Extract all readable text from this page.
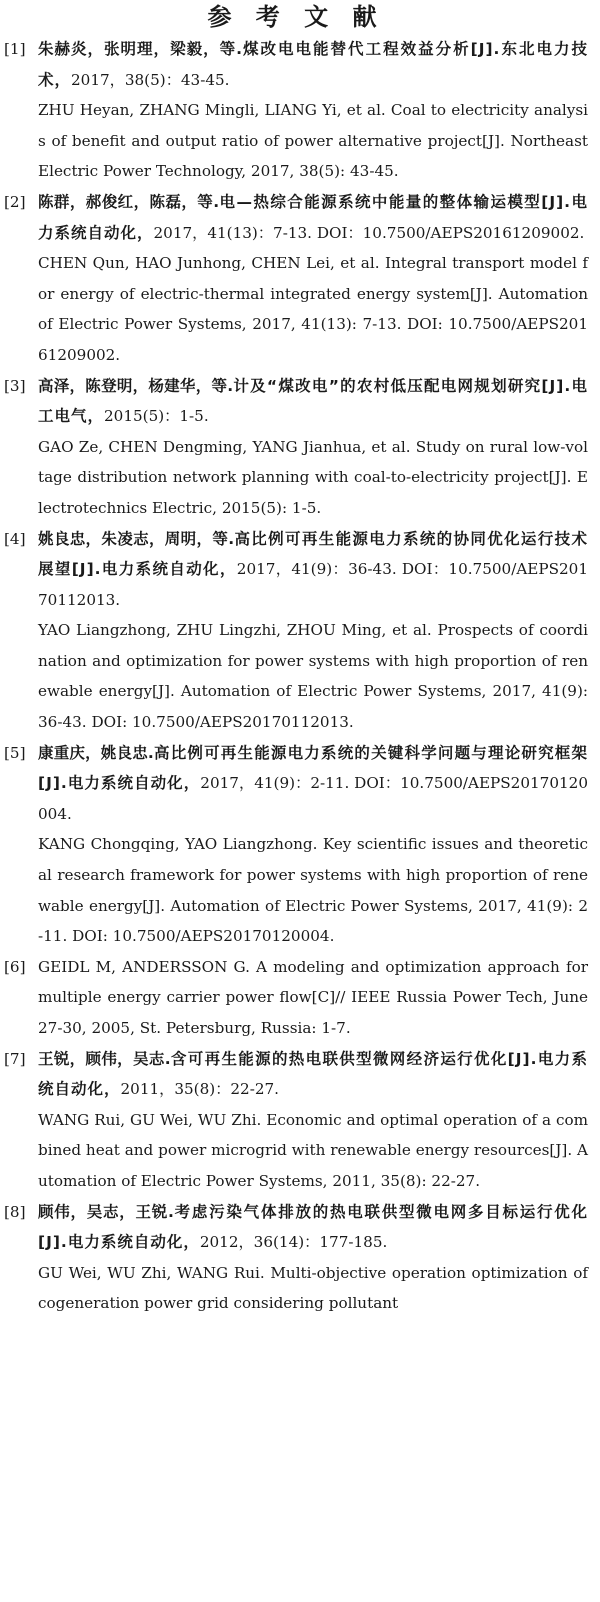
参 考 文 献
[1] 朱赫炎，张明理，梁毅，等.煤改电电能替代工程效益分析[J].东北电力技术，2017，38(5)：43-45.

ZHU Heyan, ZHANG Mingli, LIANG Yi, et al. Coal to electricity analysis of benefit and output ratio of power alternative project[J]. Northeast Electric Power Technology, 2017, 38(5): 43-45.

[2] 陈群，郝俊红，陈磊，等.电—热综合能源系统中能量的整体输运模型[J].电力系统自动化，2017，41(13)：7-13. DOI：10.7500/AEPS20161209002.

CHEN Qun, HAO Junhong, CHEN Lei, et al. Integral transport model for energy of electric-thermal integrated energy system[J]. Automation of Electric Power Systems, 2017, 41(13): 7-13. DOI: 10.7500/AEPS20161209002.

[3] 高泽，陈登明，杨建华，等.计及“煤改电”的农村低压配电网规划研究[J].电工电气，2015(5)：1-5.

GAO Ze, CHEN Dengming, YANG Jianhua, et al. Study on rural low-voltage distribution network planning with coal-to-electricity project[J]. Electrotechnics Electric, 2015(5): 1-5.

[4] 姚良忠，朱凌志，周明，等.高比例可再生能源电力系统的协同优化运行技术展望[J].电力系统自动化，2017，41(9)：36-43. DOI：10.7500/AEPS20170112013.

YAO Liangzhong, ZHU Lingzhi, ZHOU Ming, et al. Prospects of coordination and optimization for power systems with high proportion of renewable energy[J]. Automation of Electric Power Systems, 2017, 41(9): 36-43. DOI: 10.7500/AEPS20170112013.

[5] 康重庆，姚良忠.高比例可再生能源电力系统的关键科学问题与理论研究框架[J].电力系统自动化，2017，41(9)：2-11. DOI：10.7500/AEPS20170120004.

KANG Chongqing, YAO Liangzhong. Key scientific issues and theoretical research framework for power systems with high proportion of renewable energy[J]. Automation of Electric Power Systems, 2017, 41(9): 2-11. DOI: 10.7500/AEPS20170120004.

[6] GEIDL M, ANDERSSON G. A modeling and optimization approach for multiple energy carrier power flow[C]// IEEE Russia Power Tech, June 27-30, 2005, St. Petersburg, Russia: 1-7.

[7] 王锐，顾伟，吴志.含可再生能源的热电联供型微网经济运行优化[J].电力系统自动化，2011，35(8)：22-27.

WANG Rui, GU Wei, WU Zhi. Economic and optimal operation of a combined heat and power microgrid with renewable energy resources[J]. Automation of Electric Power Systems, 2011, 35(8): 22-27.

[8] 顾伟，吴志，王锐.考虑污染气体排放的热电联供型微电网多目标运行优化[J].电力系统自动化，2012，36(14)：177-185.

GU Wei, WU Zhi, WANG Rui. Multi-objective operation optimization of cogeneration power grid considering pollutant
